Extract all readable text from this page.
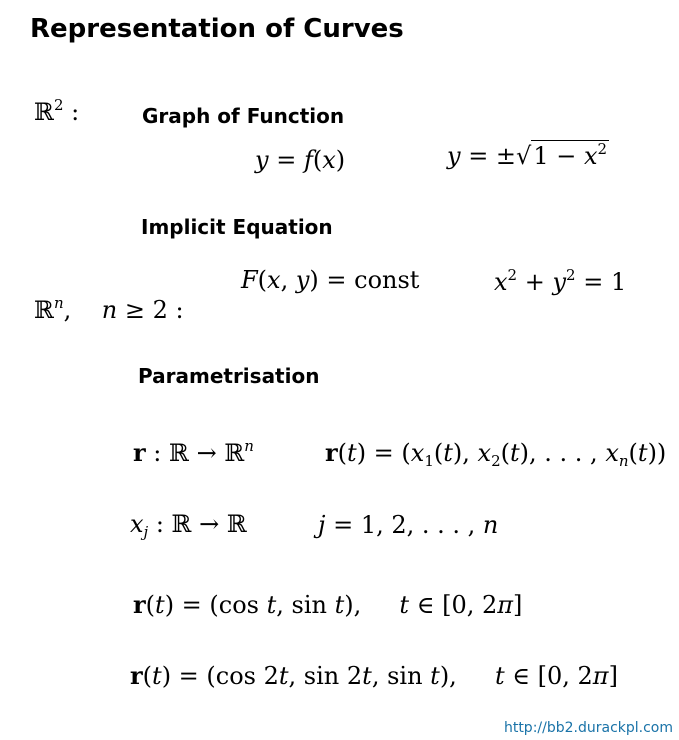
Representation of Curves
ℝ$^2$ :	Graph of Function
y = f(x)	$y = \pm√1 - x^2$
Implicit Equation
F(x, y) = const	$x^2 + y^2 = 1$
ℝ$^n$,    n ≥ 2 :
Parametrisation
r : ℝ → ℝ$^n$	$r(t) = (x_1(t)$, $x_2(t)$, . . . , $x_n(t)$)
$x_j$ : ℝ → ℝ	j = 1, 2, . . . , n
r(t) = (cos t, sin t),     t ∈ [0, 2π]
r(t) = (cos 2t, sin 2t, sin t),     t ∈ [0, 2π]
http://bb2.durackpl.com
